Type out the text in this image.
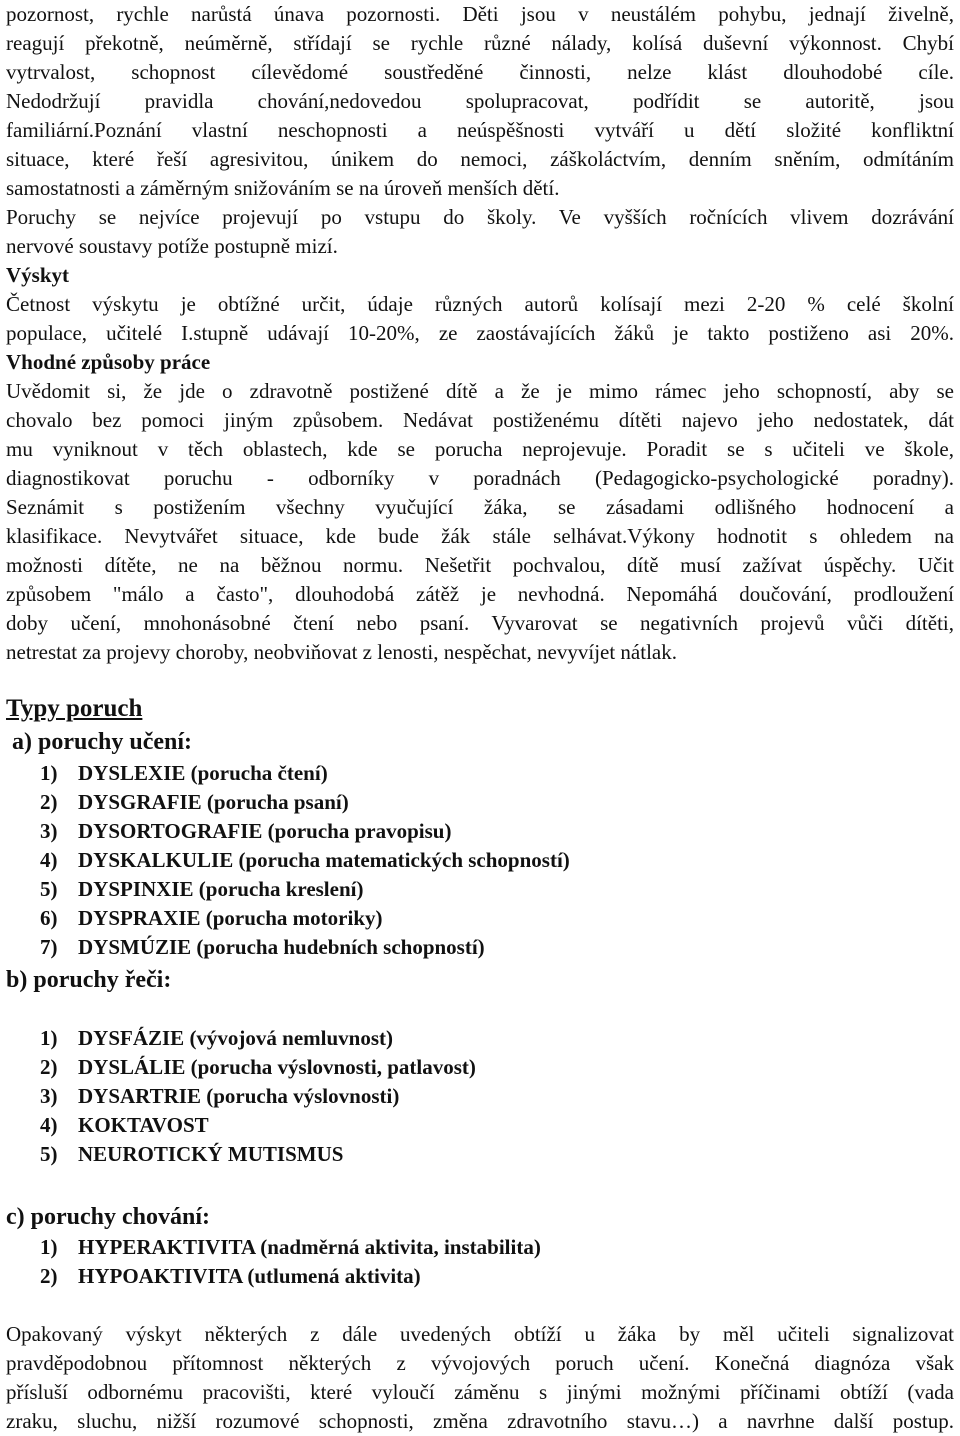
pozornost, rychle narůstá únava pozornosti. Děti jsou v neustálém pohybu, jednají živelně,
reagují překotně, neúměrně, střídají se rychle různé nálady, kolísá duševní výkonnost. Chybí
vytrvalost, schopnost cílevědomé soustředěné činnosti, nelze klást dlouhodobé cíle.
Nedodržují pravidla chování,nedovedou spolupracovat, podřídit se autoritě, jsou
familiární.Poznání vlastní neschopnosti a neúspěšnosti vytváří u dětí složité konfliktní
situace, které řeší agresivitou, únikem do nemoci, záškoláctvím, denním sněním, odmítáním
samostatnosti a záměrným snižováním se na úroveň menších dětí.
Poruchy se nejvíce projevují po vstupu do školy. Ve vyšších ročnících vlivem dozrávání
nervové soustavy potíže postupně mizí.
Výskyt
Četnost výskytu je obtížné určit, údaje různých autorů kolísají mezi 2-20 % celé školní
populace, učitelé I.stupně udávají 10-20%, ze zaostávajících žáků je takto postiženo asi 20%.
Vhodné způsoby práce
Uvědomit si, že jde o zdravotně postižené dítě a že je mimo rámec jeho schopností, aby se
chovalo bez pomoci jiným způsobem. Nedávat postiženému dítěti najevo jeho nedostatek, dát
mu vyniknout v těch oblastech, kde se porucha neprojevuje. Poradit se s učiteli ve škole,
diagnostikovat poruchu - odborníky v poradnách (Pedagogicko-psychologické poradny).
Seznámit s postižením všechny vyučující žáka, se zásadami odlišného hodnocení a
klasifikace. Nevytvářet situace, kde bude žák stále selhávat.Výkony hodnotit s ohledem na
možnosti dítěte, ne na běžnou normu. Nešetřit pochvalou, dítě musí zažívat úspěchy. Učit
způsobem "málo a často", dlouhodobá zátěž je nevhodná. Nepomáhá doučování, prodloužení
doby učení, mnohonásobné čtení nebo psaní. Vyvarovat se negativních projevů vůči dítěti,
netrestat za projevy choroby, neobviňovat z lenosti, nespěchat, nevyvíjet nátlak.
Typy poruch
a) poruchy učení:
1) DYSLEXIE (porucha čtení)
2) DYSGRAFIE (porucha psaní)
3) DYSORTOGRAFIE (porucha pravopisu)
4) DYSKALKULIE (porucha matematických schopností)
5) DYSPINXIE (porucha kreslení)
6) DYSPRAXIE (porucha motoriky)
7) DYSMÚZIE (porucha hudebních schopností)
b) poruchy řeči:
1) DYSFÁZIE (vývojová nemluvnost)
2) DYSLÁLIE (porucha výslovnosti, patlavost)
3) DYSARTRIE (porucha výslovnosti)
4) KOKTAVOST
5) NEUROTICKÝ MUTISMUS
c) poruchy chování:
1) HYPERAKTIVITA (nadměrná aktivita, instabilita)
2) HYPOAKTIVITA (utlumená aktivita)
Opakovaný výskyt některých z dále uvedených obtíží u žáka by měl učiteli signalizovat
pravděpodobnou přítomnost některých z vývojových poruch učení. Konečná diagnóza však
přísluší odbornému pracovišti, které vyloučí záměnu s jinými možnými příčinami obtíží (vada
zraku, sluchu, nižší rozumové schopnosti, změna zdravotního stavu…) a navrhne další postup.
